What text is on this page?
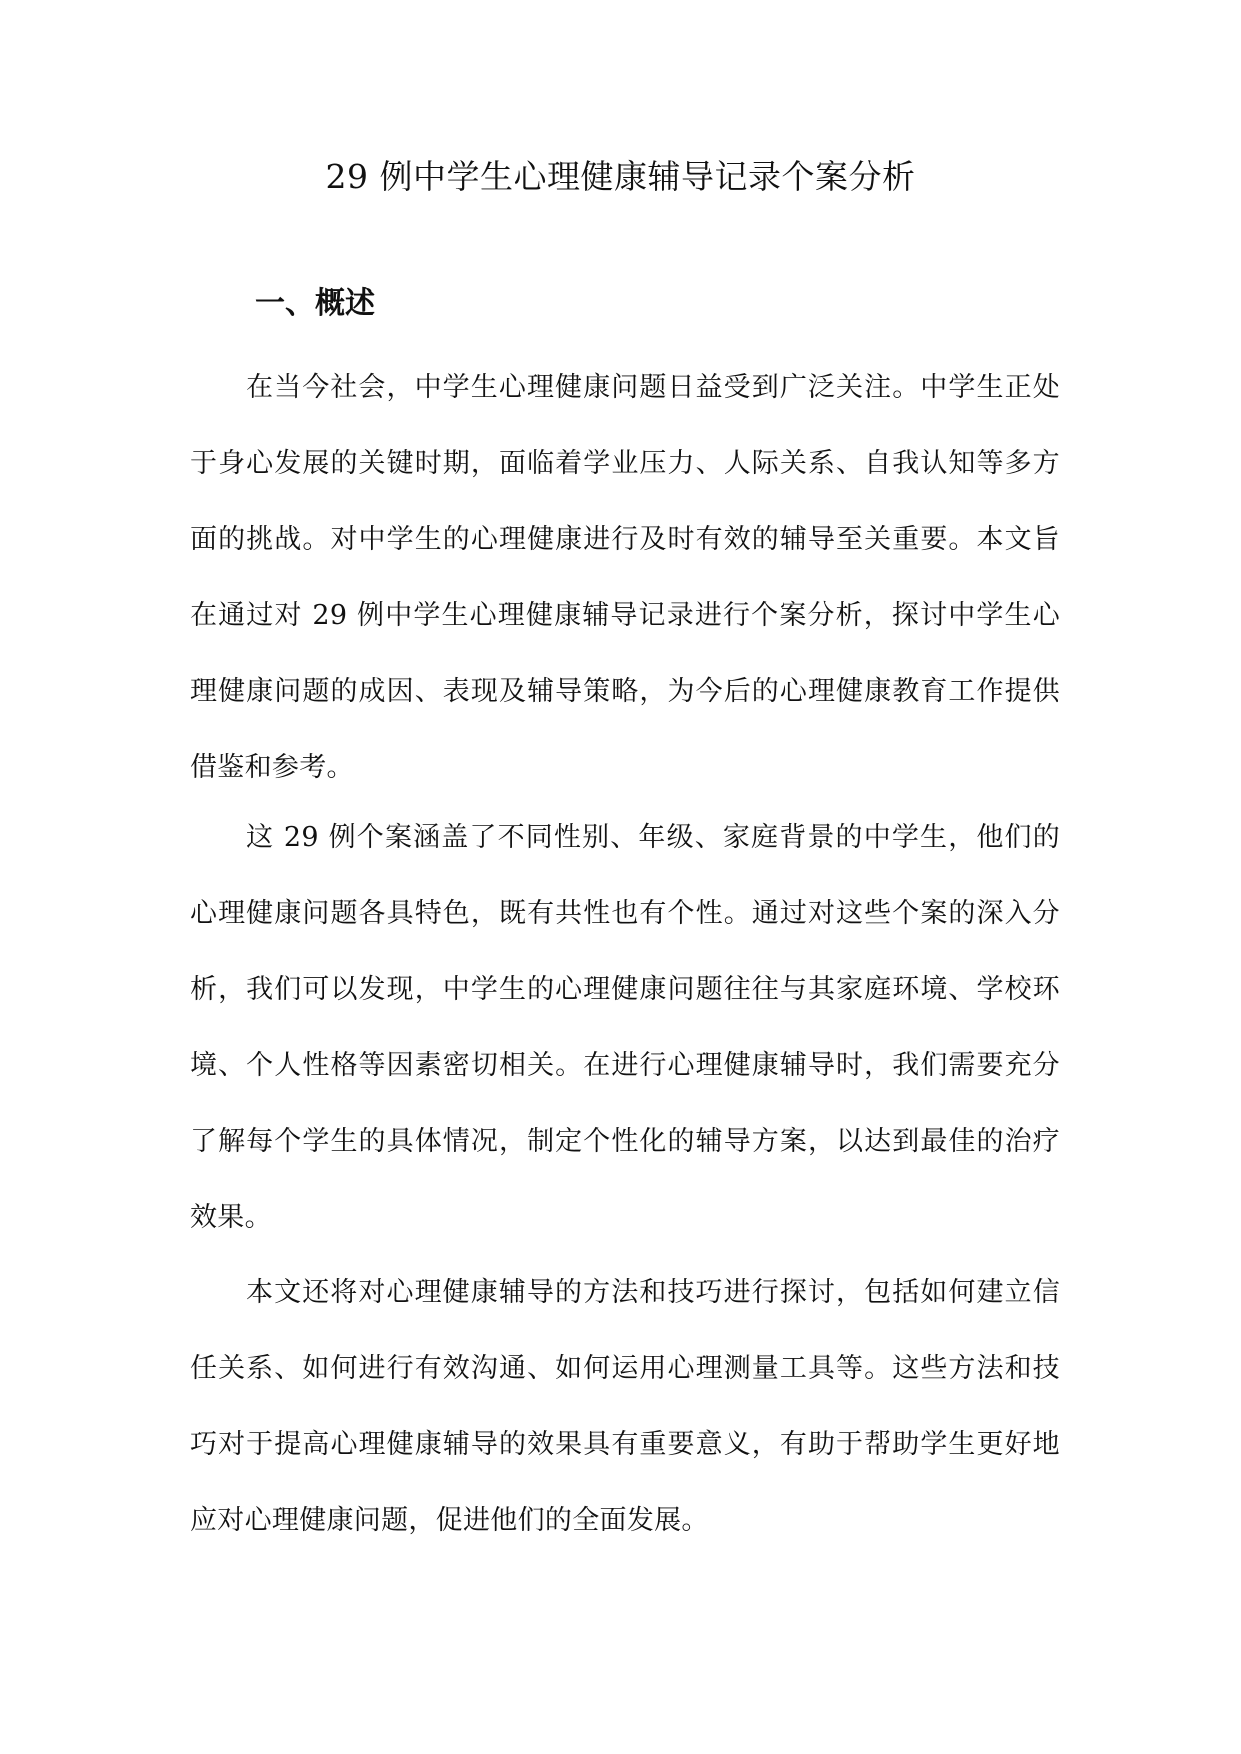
29 例中学生心理健康辅导记录个案分析
一、概述

在当今社会，中学生心理健康问题日益受到广泛关注。中学生正处于身心发展的关键时期，面临着学业压力、人际关系、自我认知等多方面的挑战。对中学生的心理健康进行及时有效的辅导至关重要。本文旨在通过对 29 例中学生心理健康辅导记录进行个案分析，探讨中学生心理健康问题的成因、表现及辅导策略，为今后的心理健康教育工作提供借鉴和参考。

这 29 例个案涵盖了不同性别、年级、家庭背景的中学生，他们的心理健康问题各具特色，既有共性也有个性。通过对这些个案的深入分析，我们可以发现，中学生的心理健康问题往往与其家庭环境、学校环境、个人性格等因素密切相关。在进行心理健康辅导时，我们需要充分了解每个学生的具体情况，制定个性化的辅导方案，以达到最佳的治疗效果。

本文还将对心理健康辅导的方法和技巧进行探讨，包括如何建立信任关系、如何进行有效沟通、如何运用心理测量工具等。这些方法和技巧对于提高心理健康辅导的效果具有重要意义，有助于帮助学生更好地应对心理健康问题，促进他们的全面发展。
